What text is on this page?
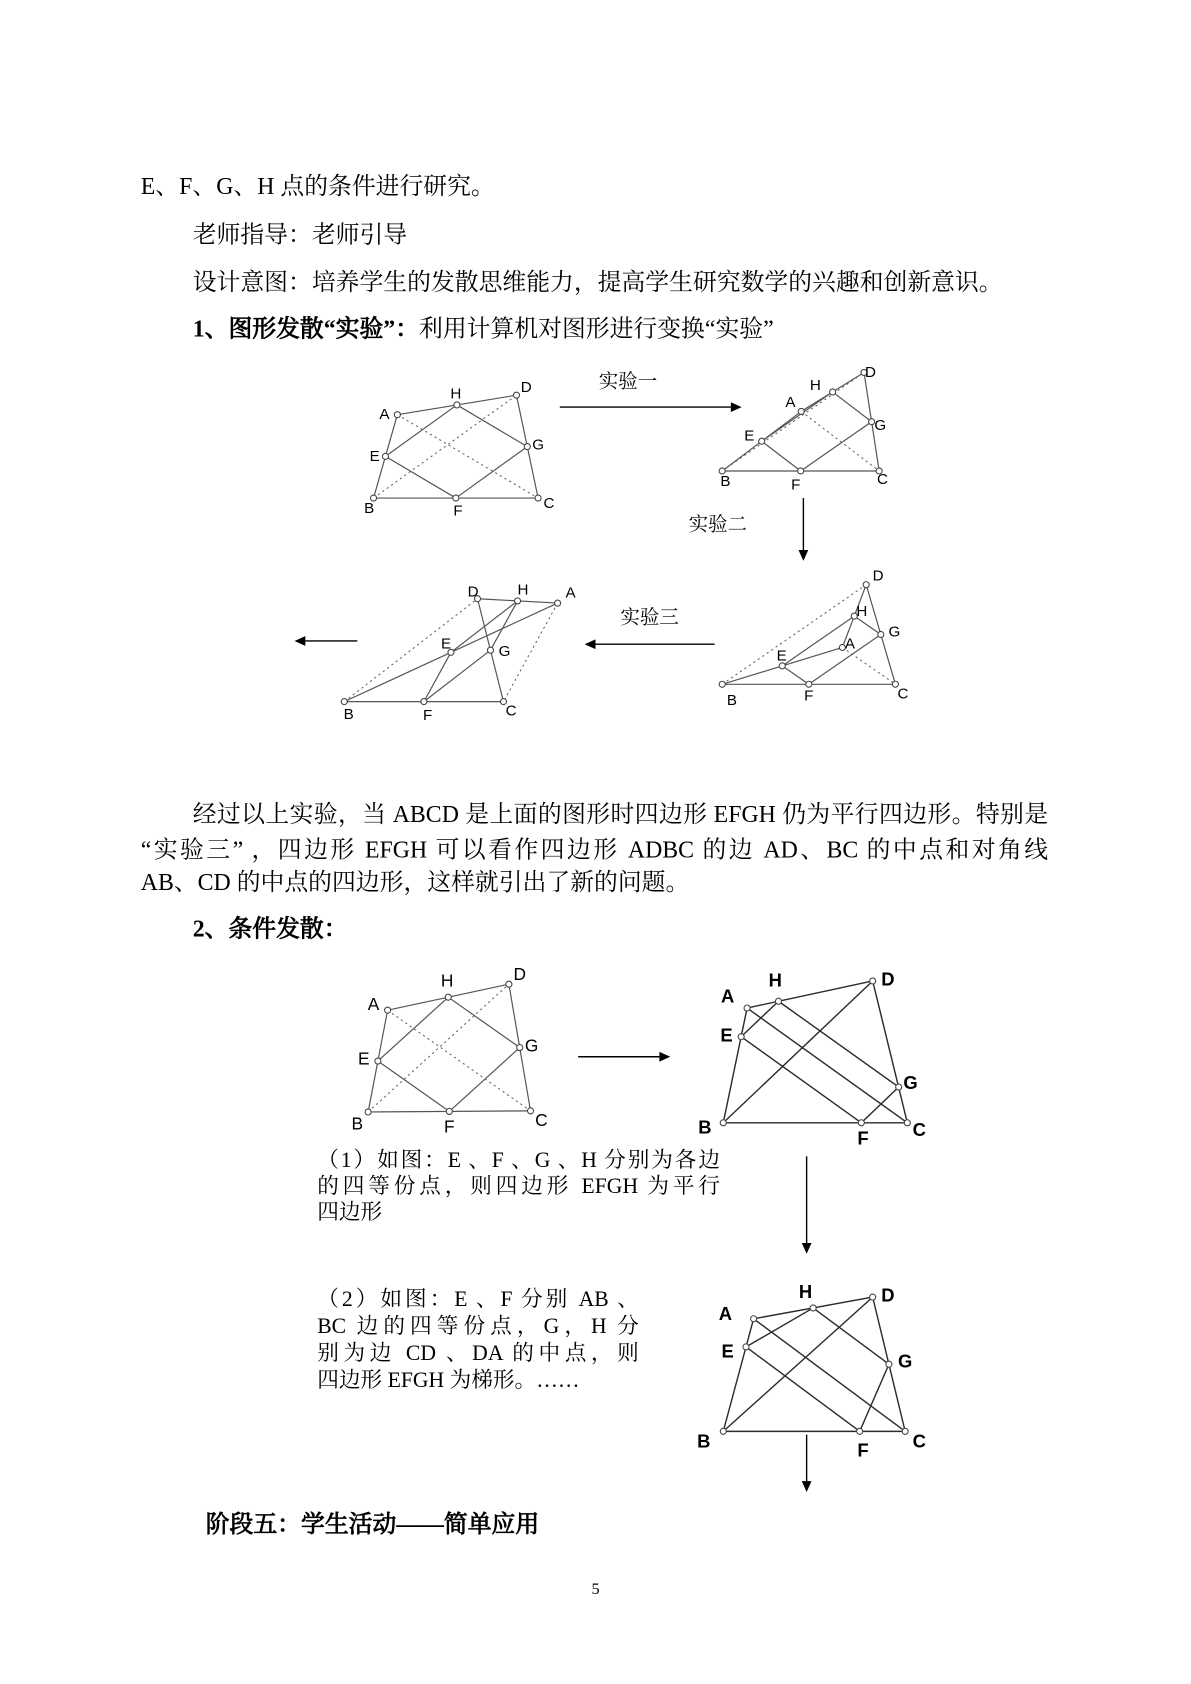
A
B	C
D
E
F
G
H
A
B	C
D
E
F
G
H
A
B	C
D
E
F
G
H
A
B	C
D
E
F
G
H
A
B	C
D
E
F
G
H
A
B	C
D
E
F
G
H
A
B	C
D
E
F
G
H
E、F、G、H 点的条件进行研究。
老师指导：老师引导
设计意图：培养学生的发散思维能力，提高学生研究数学的兴趣和创新意识。
1、图形发散“实验”：利用计算机对图形进行变换“实验”
实验一
实验二
实验三
经过以上实验，当 ABCD 是上面的图形时四边形 EFGH 仍为平行四边形。特别是
“实验三” ，四边形 EFGH 可以看作四边形 ADBC 的边 AD、BC 的中点和对角线
AB、CD 的中点的四边形，这样就引出了新的问题。
2、条件发散：
（1）如图：E 、F 、G 、H 分别为各边
的四等份点，则四边形 EFGH 为平行
四边形
（2）如图：E 、F 分别 AB 、
BC 边的四等份点，G，H 分
别为边 CD 、DA 的中点，则
四边形 EFGH 为梯形。……
阶段五：学生活动——简单应用
5
